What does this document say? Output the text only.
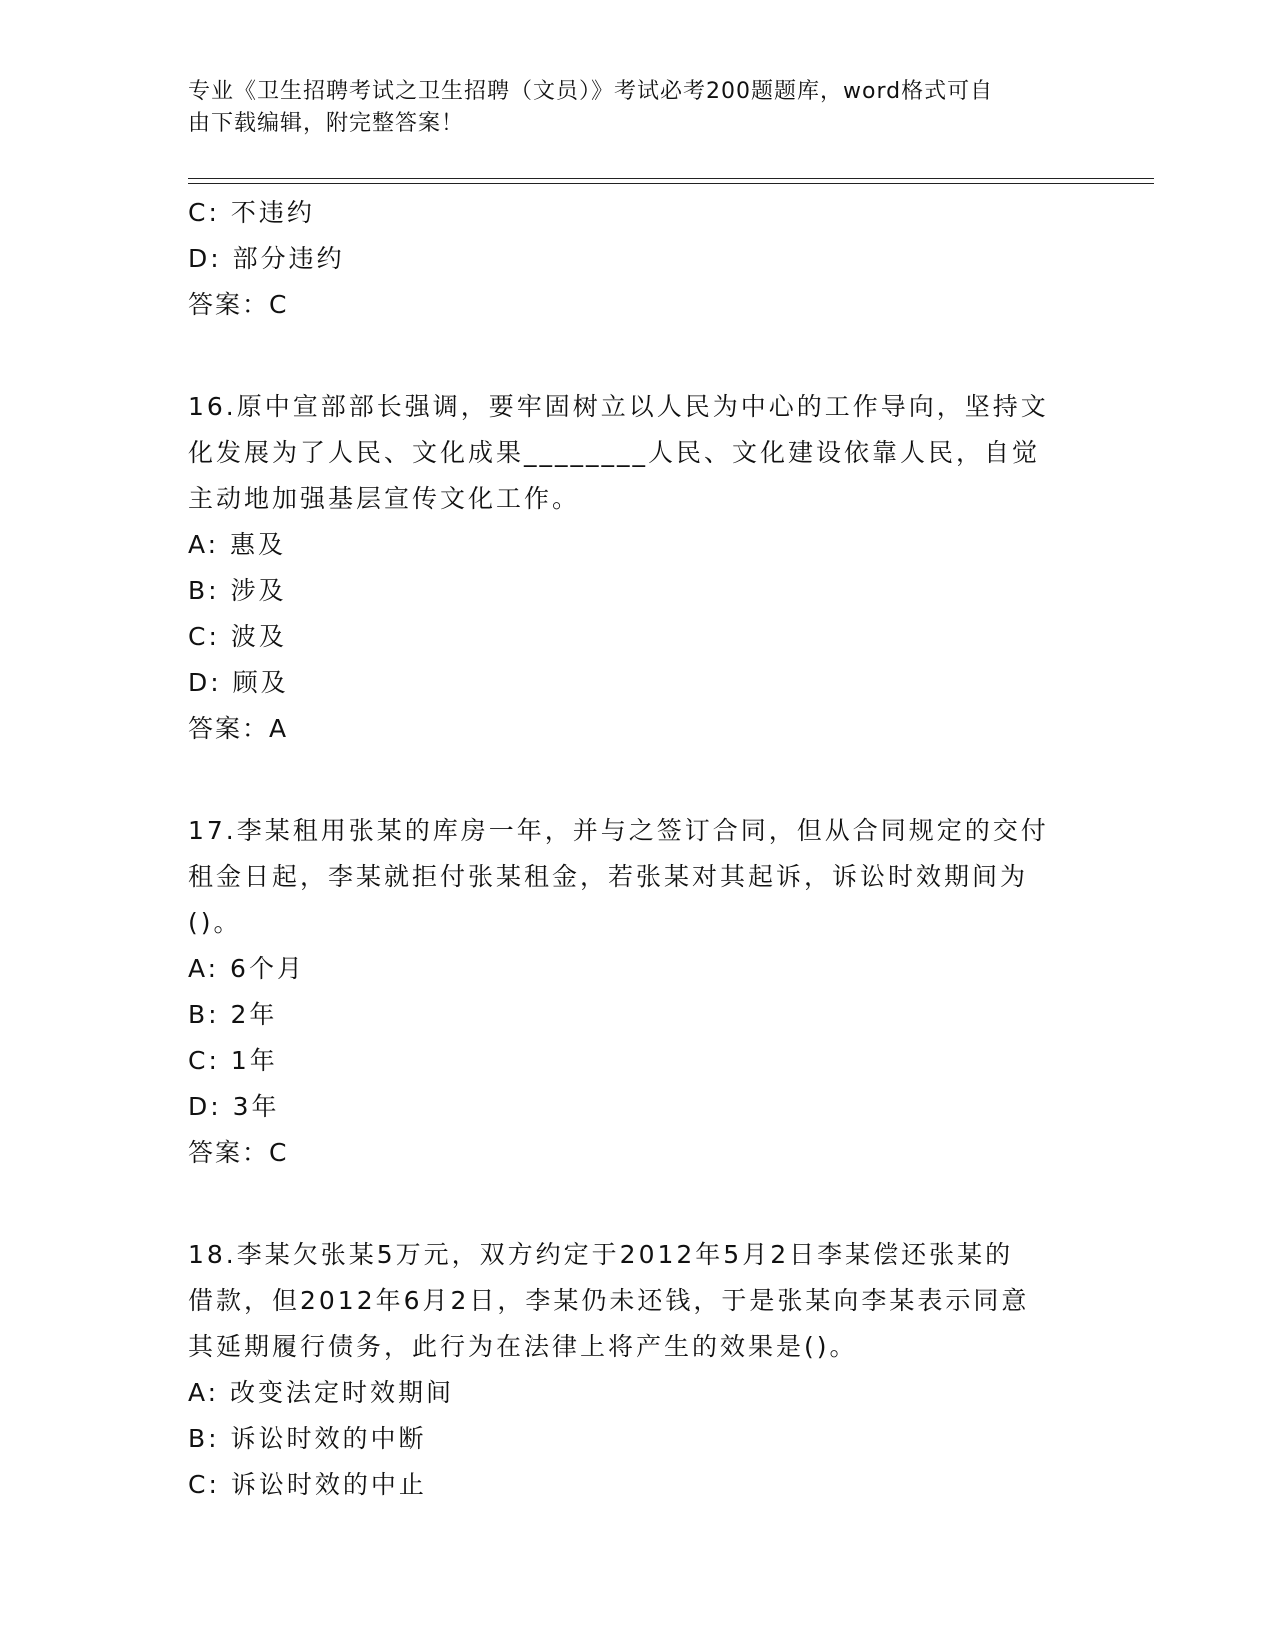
专业《卫生招聘考试之卫生招聘（文员）》考试必考200题题库，word格式可自
由下载编辑，附完整答案！
C: 不违约
D: 部分违约
答案：C
16.原中宣部部长强调，要牢固树立以人民为中心的工作导向，坚持文
化发展为了人民、文化成果________人民、文化建设依靠人民，自觉
主动地加强基层宣传文化工作。
A: 惠及
B: 涉及
C: 波及
D: 顾及
答案：A
17.李某租用张某的库房一年，并与之签订合同，但从合同规定的交付
租金日起，李某就拒付张某租金，若张某对其起诉，诉讼时效期间为
()。
A: 6个月
B: 2年
C: 1年
D: 3年
答案：C
18.李某欠张某5万元，双方约定于2012年5月2日李某偿还张某的
借款，但2012年6月2日，李某仍未还钱，于是张某向李某表示同意
其延期履行债务，此行为在法律上将产生的效果是()。
A: 改变法定时效期间
B: 诉讼时效的中断
C: 诉讼时效的中止
